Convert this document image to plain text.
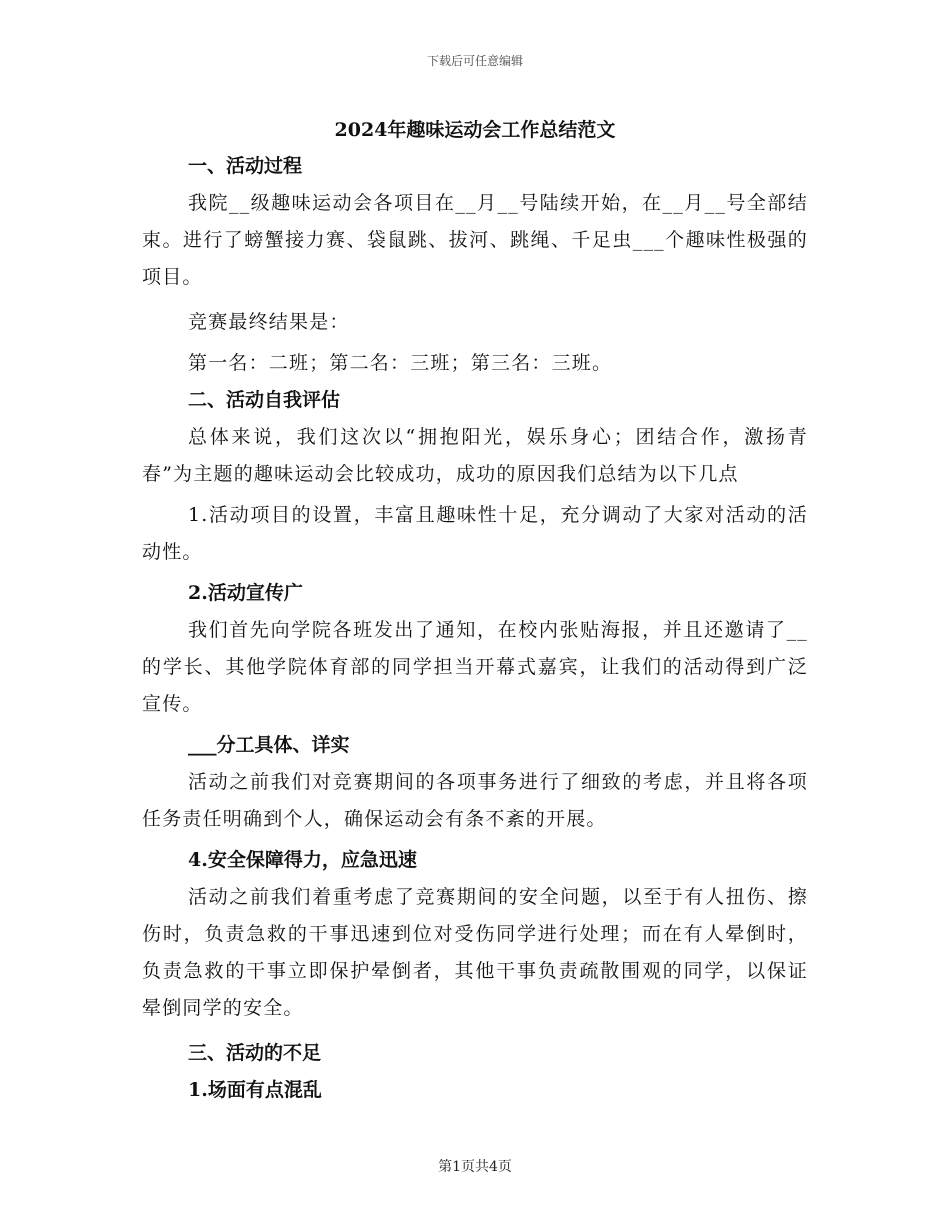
下载后可任意编辑
2024年趣味运动会工作总结范文
一、活动过程
我院__级趣味运动会各项目在__月__号陆续开始，在__月__号全部结束。进行了螃蟹接力赛、袋鼠跳、拔河、跳绳、千足虫___个趣味性极强的项目。
竞赛最终结果是：
第一名：二班；第二名：三班；第三名：三班。
二、活动自我评估
总体来说，我们这次以“拥抱阳光，娱乐身心；团结合作，激扬青春”为主题的趣味运动会比较成功，成功的原因我们总结为以下几点
1.活动项目的设置，丰富且趣味性十足，充分调动了大家对活动的活动性。
2.活动宣传广
我们首先向学院各班发出了通知，在校内张贴海报，并且还邀请了__的学长、其他学院体育部的同学担当开幕式嘉宾，让我们的活动得到广泛宣传。
___分工具体、详实
活动之前我们对竞赛期间的各项事务进行了细致的考虑，并且将各项任务责任明确到个人，确保运动会有条不紊的开展。
4.安全保障得力，应急迅速
活动之前我们着重考虑了竞赛期间的安全问题，以至于有人扭伤、擦伤时，负责急救的干事迅速到位对受伤同学进行处理；而在有人晕倒时，负责急救的干事立即保护晕倒者，其他干事负责疏散围观的同学，以保证晕倒同学的安全。
三、活动的不足
1.场面有点混乱
第1页共4页
